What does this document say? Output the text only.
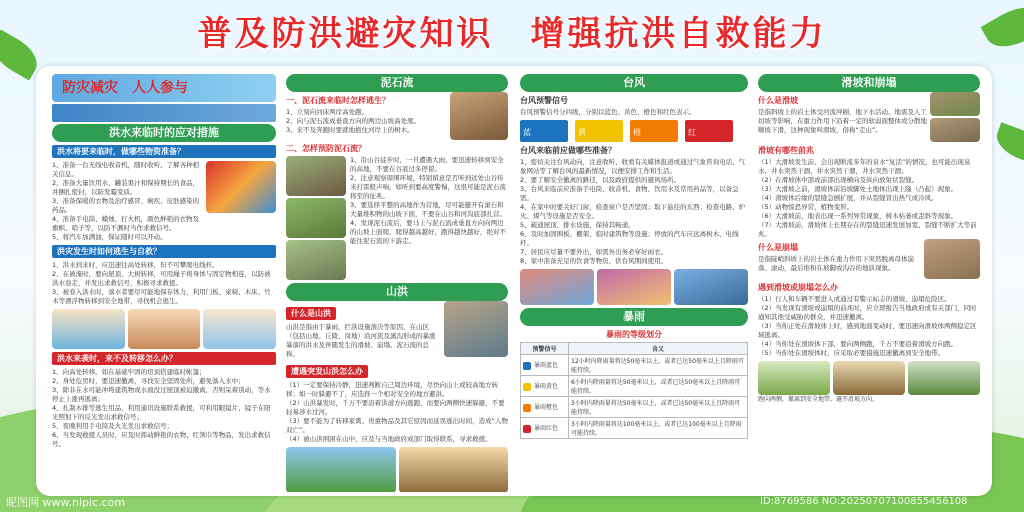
普及防洪避灾知识　增强抗洪自救能力
防灾减灾　人人参与
洪水来临时的应对措施
洪水将要来临时，做哪些物资准备？
1、准备一台无线电收音机，随时收听、了解各种相关信息。
2、准备大量饮用水，罐装果汁和保持期长的食品，并捆扎密封，以防发霉变质。
3、准备保暖的衣物及治疗感冒、痢疾、皮肤感染的药品。
4、准备手电筒、蜡烛、打火机，颜色鲜艳的衣物及旗帜、哨子等，以防不测时当作求救信号。
5、将汽车加满油，保证随时可以开动。
洪灾发生时如何逃生与自救？
1、洪水到来时，应迅速往高处转移，但不可攀爬电线杆。
2、在被淹时，要向屋顶、大树转移，可用绳子将身体与固定物相连，以防被洪水卷走，并发出求救信号，积极寻求救援。
3、被卷入洪水时，落水者要尽可能地保存体力，利用门板、桌椅、木床、竹木等漂浮物转移到安全地带，寻找机会逃生。
洪水来袭时，来不及转移怎么办？
1、向高处转移。如在基础牢固的房顶搭建临时帐篷；
2、身处危房时，要迅速撤离，寻找安全坚固处所，避免落入水中；
3、除非在水可能冲垮建筑物或水面没过屋顶被迫撤离，否则呆着别动，等水停止上涨再逃离；
4、扎制木排等逃生用品，利用通讯设施联系救援，可利用眼镜片、镜子在阳光照射下的反光发出求救信号；
5、夜晚利用手电筒及火光发出求救信号；
6、当发现救援人员时，应及时挥动鲜艳的衣物、红领巾等物品，发出求救信号。
泥石流
一、泥石流来临时怎样逃生？
1、立刻向河床两岸高处跑。
2、向与泥石流成垂直方向的两边山坡高处爬。
3、来不及奔跑时要就地抱住河岸上的树木。
二、怎样预防泥石流？
1、沿山谷徒步时，一旦遭遇大雨，要迅速转移到安全的高地，不要在谷底过多停留。
2、注意观察周围环境，特别留意是否听到远处山谷传来打雷般声响，如听到要高度警惕，这很可能是泥石流将至的征兆。
3、要选择平整的高地作为营地，尽可能避开有滚石和大量堆积物的山坡下面，不要在山谷和河沟底部扎营。
4、发现泥石流后，要马上与泥石流成垂直方向向两边的山坡上面爬，爬得越高越好，跑得越快越好，绝对不能往泥石流的下游走。
山洪
什么是山洪
山洪是指由于暴雨、拦洪设施溃决等原因，在山区（包括山地、丘陵、岗地）沿河流及溪沟形成的暴涨暴落的洪水及伴随发生的滑坡、崩塌、泥石流的总称。
遭遇突发山洪怎么办
（1）一定要保持冷静，迅速判断自己周边环境，尽快向山上或较高地方转移；如一时躲避不了，应选择一个相对安全的地方避洪。
（2）山洪暴发时，千万不要沿着洪道方向逃跑，而要向两侧快速躲避，不要轻易涉水过河。
（3）要不能为了转移家禽、贵重物品及其它原因而延误逃出时间，造成“人物双亡”。
（4）被山洪围困在山中，应及与当地政府或部门取得联系，寻求救援。
台风
台风预警信号
台风预警信号分四级，分别以蓝色、黄色、橙色和红色表示。
蓝	黄	橙	红
台风来临前应做哪些准备？
1、密切关注台风动向，注意收听、收看有关媒体报道或通过气象咨询电话、气象网站等了解台风的最新情况，以便安排工作和生活。
2、要了解安全撤离的路径，以及政府提供的避风场所。
3、台风来临前应准备手电筒、收音机、食物、饮用水及常用药品等，以备急需。
4、在家中时要关好门窗，检查窗户是否坚固；取下悬挂的东西；检查电路、炉火、煤气等设施是否安全。
5、疏通屋顶、排水设施，保持其畅通。
6、及时加固围板、棚架、临时建筑物等设施；停放的汽车应远离树木、电线杆。
7、居民应尽量不要外出，如需外出务必穿好雨衣。
8、家中准备充足的饮食等物资，供台风期间使用。
暴雨
暴雨的等级划分
预警信号	含义
暴雨蓝色	12小时内降雨量将达50毫米以上，或者已达50毫米以上且降雨可能持续。
暴雨黄色	6小时内降雨量将达50毫米以上，或者已达50毫米以上且降雨可能持续。
暴雨橙色	3小时内降雨量将达50毫米以上，或者已达50毫米以上且降雨可能持续。
暴雨红色	3小时内降雨量将达100毫米以上，或者已达100毫米以上且降雨可能持续。
滑坡和崩塌
什么是滑坡
是指斜坡上的岩土体受河流冲刷、地下水活动、地震及人工切坡等影响，在重力作用下沿着一定的软弱面整体或分散地顺坡下滑，这种现象叫滑坡，俗称“走山”。
滑坡有哪些前兆
（1）大滑坡发生前，会出现断流多年的泉水“复活”的情况，也可能出现泉水、井水突然干涸、井水突然干涸，井水突然干涸；
（2）在滑坡体中部或前部出现横向及纵向放射状裂缝。
（3）大滑坡之前，滑坡体前沿坡脚处土地体出现上隆（凸起）现象。
（4）滑坡体后缘的裂缝急剧扩展，并从裂缝冒出热气或冷风。
（5）动物惊恐异常，植物变形。
（6）大滑坡前，地表出现一系列异常现象，树木枯萎或歪斜等现象。
（7）大滑坡前，滑坡体上长期存在的裂缝迅速发展加宽、裂缝不断扩大等前兆。
什么是崩塌
是指陡峭斜坡上的岩土体在重力作用下突然脱离母体崩落、滚动，最后堆积在坡脚或沟谷的地质现象。
遇到滑坡或崩塌怎么办
（1）行人和车辆不要进入或通过有警示标志的滑坡、崩塌危险区。
（2）当发现有滑坡或崩塌的前兆时，应立即报告当地政府或有关部门，同时通知其他受威胁的群众，并迅速撤离。
（3）当你正处在滑坡体上时，感到地面变动时，要迅速向滑坡体两侧稳定区域逃离。
（4）当你处在滑坡体下部，要向两侧跑，千万不要沿着滑坡方向跑。
（5）当你处在滑坡体时，应采取必要措施迅速撤离到安全地带。
跑向两侧，撤离到安全地带，避开滑坡方向。
昵图网 www.nipic.com	ID:8769586 NO:20250707100855456108
